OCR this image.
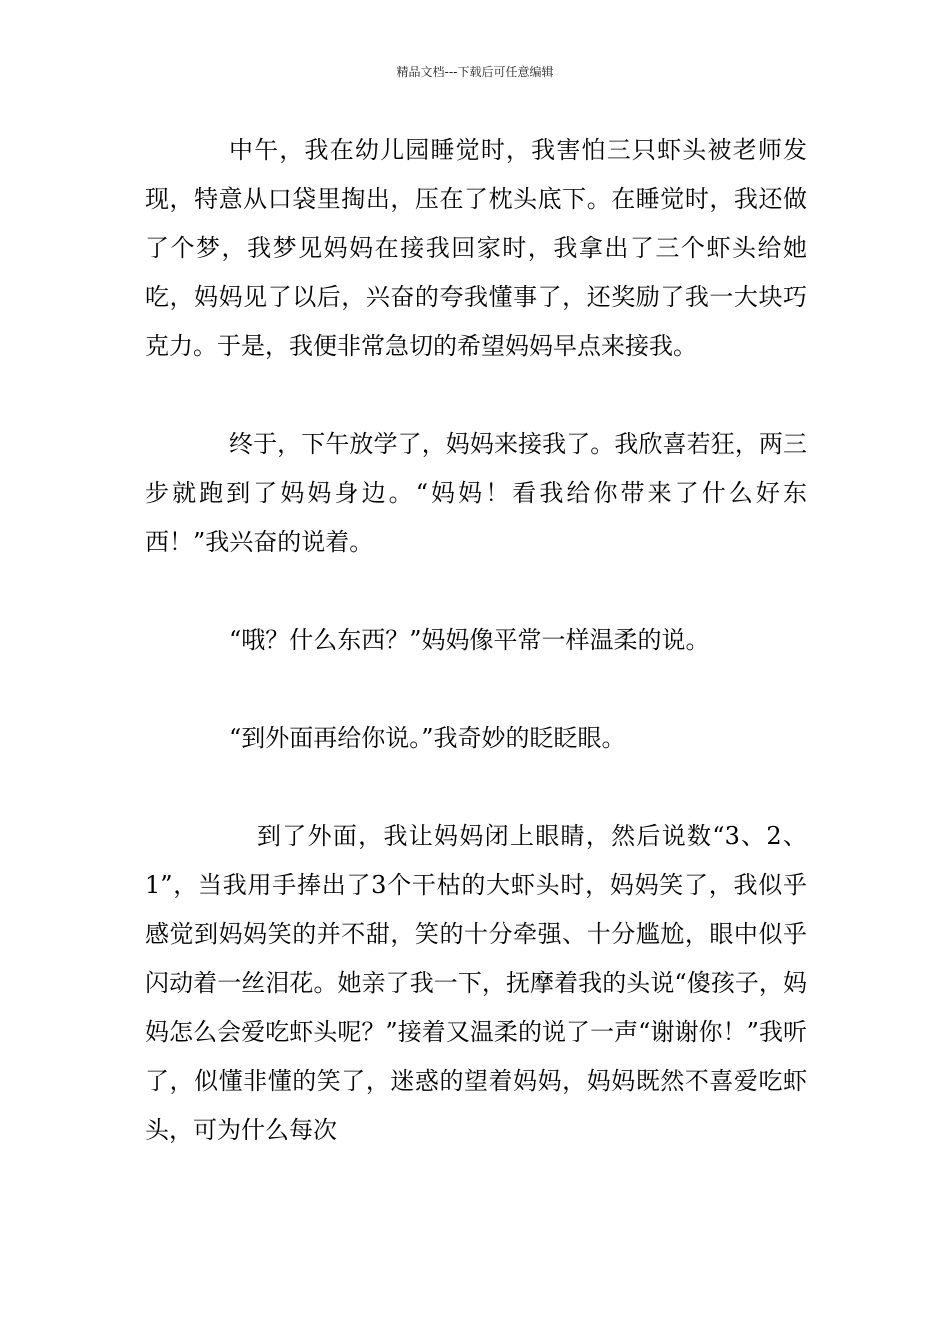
精品文档---下载后可任意编辑

中午，我在幼儿园睡觉时，我害怕三只虾头被老师发现，特意从口袋里掏出，压在了枕头底下。在睡觉时，我还做了个梦，我梦见妈妈在接我回家时，我拿出了三个虾头给她吃，妈妈见了以后，兴奋的夸我懂事了，还奖励了我一大块巧克力。于是，我便非常急切的希望妈妈早点来接我。

终于，下午放学了，妈妈来接我了。我欣喜若狂，两三步就跑到了妈妈身边。“妈妈！看我给你带来了什么好东西！”我兴奋的说着。

“哦？什么东西？”妈妈像平常一样温柔的说。

“到外面再给你说。”我奇妙的眨眨眼。

到了外面，我让妈妈闭上眼睛，然后说数“3、2、1”，当我用手捧出了3个干枯的大虾头时，妈妈笑了，我似乎感觉到妈妈笑的并不甜，笑的十分牵强、十分尴尬，眼中似乎闪动着一丝泪花。她亲了我一下，抚摩着我的头说“傻孩子，妈妈怎么会爱吃虾头呢？”接着又温柔的说了一声“谢谢你！”我听了，似懂非懂的笑了，迷惑的望着妈妈，妈妈既然不喜爱吃虾头，可为什么每次
